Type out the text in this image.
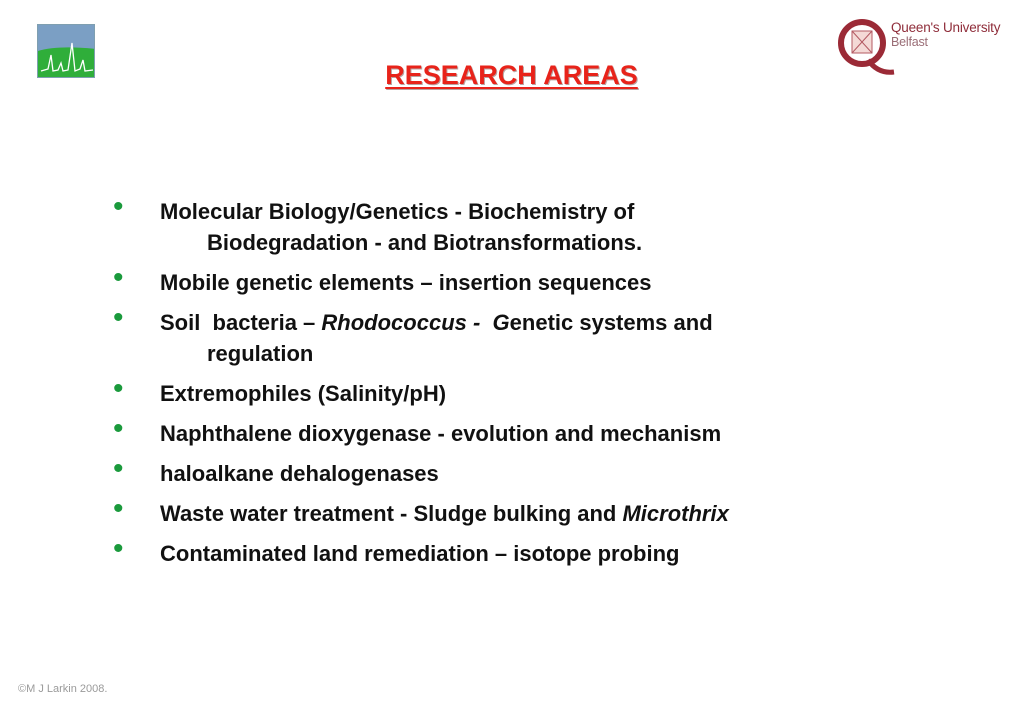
Queen's University
Belfast
RESEARCH AREAS
• Molecular Biology/Genetics - Biochemistry of
Biodegradation - and Biotransformations.
• Mobile genetic elements – insertion sequences
• Soil  bacteria – Rhodococcus -  Genetic systems and
regulation
• Extremophiles (Salinity/pH)
• Naphthalene dioxygenase - evolution and mechanism
• haloalkane dehalogenases
• Waste water treatment - Sludge bulking and Microthrix
• Contaminated land remediation – isotope probing
©M J Larkin 2008.
